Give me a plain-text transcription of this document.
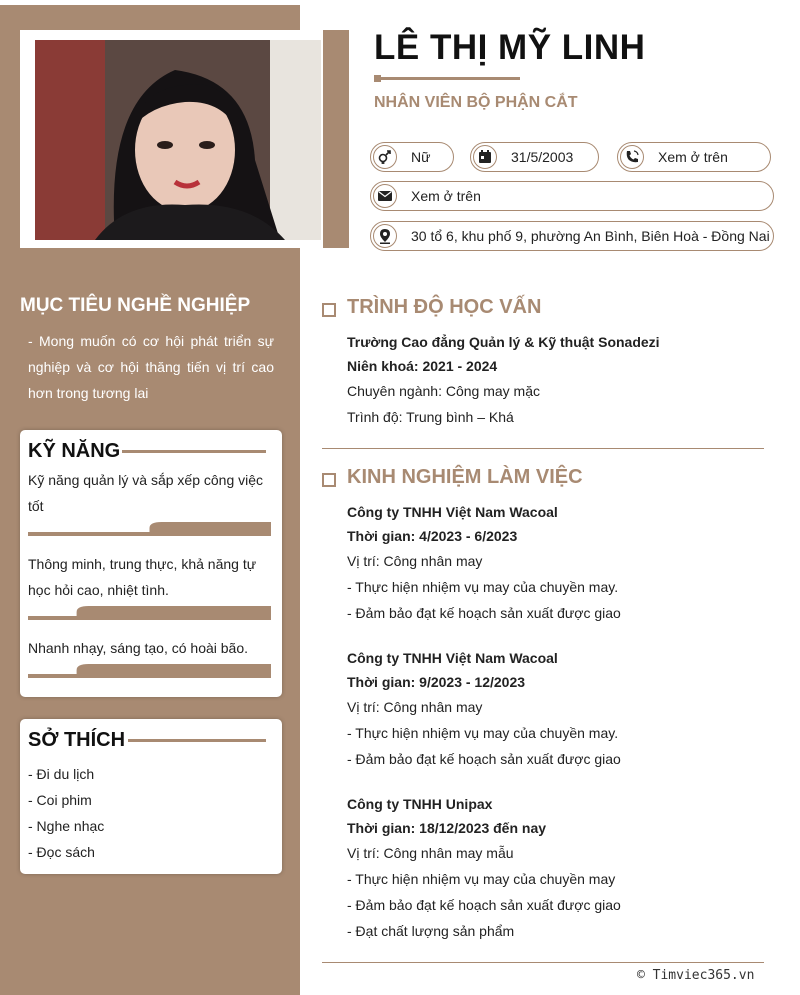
LÊ THỊ MỸ LINH
NHÂN VIÊN BỘ PHẬN CẮT
Nữ	31/5/2003	Xem ở trên
Xem ở trên
30 tổ 6, khu phố 9, phường An Bình, Biên Hoà - Đồng Nai
MỤC TIÊU NGHỀ NGHIỆP
- Mong muốn có cơ hội phát triển sự nghiệp và cơ hội thăng tiến vị trí cao hơn trong tương lai
KỸ NĂNG
Kỹ năng quản lý và sắp xếp công việc tốt
Thông minh, trung thực, khả năng tự học hỏi cao, nhiệt tình.
Nhanh nhạy, sáng tạo, có hoài bão.
SỞ THÍCH
- Đi du lịch
- Coi phim
- Nghe nhạc
- Đọc sách
TRÌNH ĐỘ HỌC VẤN
Trường Cao đẳng Quản lý & Kỹ thuật Sonadezi
Niên khoá: 2021 - 2024
Chuyên ngành: Công may mặc
Trình độ: Trung bình – Khá
KINH NGHIỆM LÀM VIỆC
Công ty TNHH Việt Nam Wacoal
Thời gian: 4/2023 - 6/2023
Vị trí: Công nhân may
- Thực hiện nhiệm vụ may của chuyền may.
- Đảm bảo đạt kế hoạch sản xuất được giao
Công ty TNHH Việt Nam Wacoal
Thời gian: 9/2023 - 12/2023
Vị trí: Công nhân may
- Thực hiện nhiệm vụ may của chuyền may.
- Đảm bảo đạt kế hoạch sản xuất được giao
Công ty TNHH Unipax
Thời gian: 18/12/2023 đến nay
Vị trí: Công nhân may mẫu
- Thực hiện nhiệm vụ may của chuyền may
- Đảm bảo đạt kế hoạch sản xuất được giao
- Đạt chất lượng sản phẩm
© Timviec365.vn
